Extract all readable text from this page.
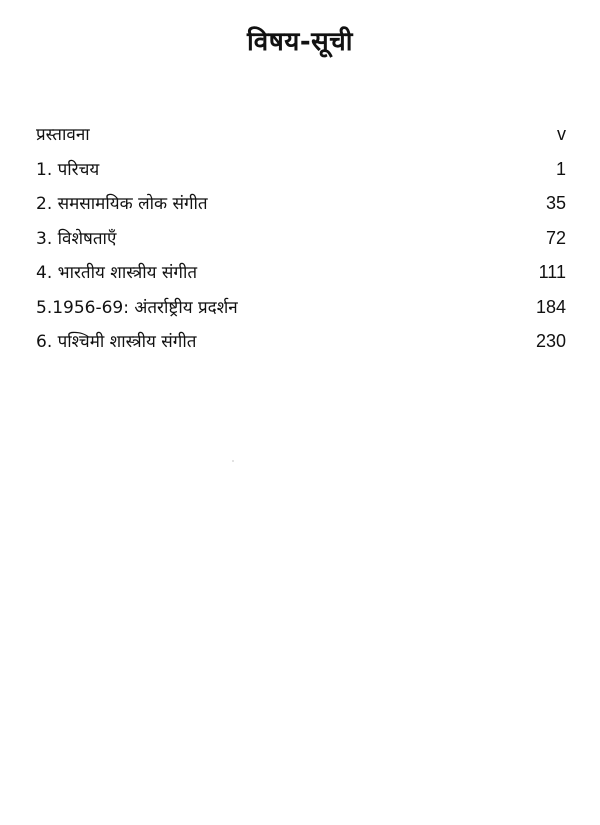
विषय-सूची
प्रस्तावना	v
1. परिचय	1
2. समसामयिक लोक संगीत	35
3. विशेषताएँ	72
4. भारतीय शास्त्रीय संगीत	111
5.1956-69: अंतर्राष्ट्रीय प्रदर्शन	184
6. पश्चिमी शास्त्रीय संगीत	230
